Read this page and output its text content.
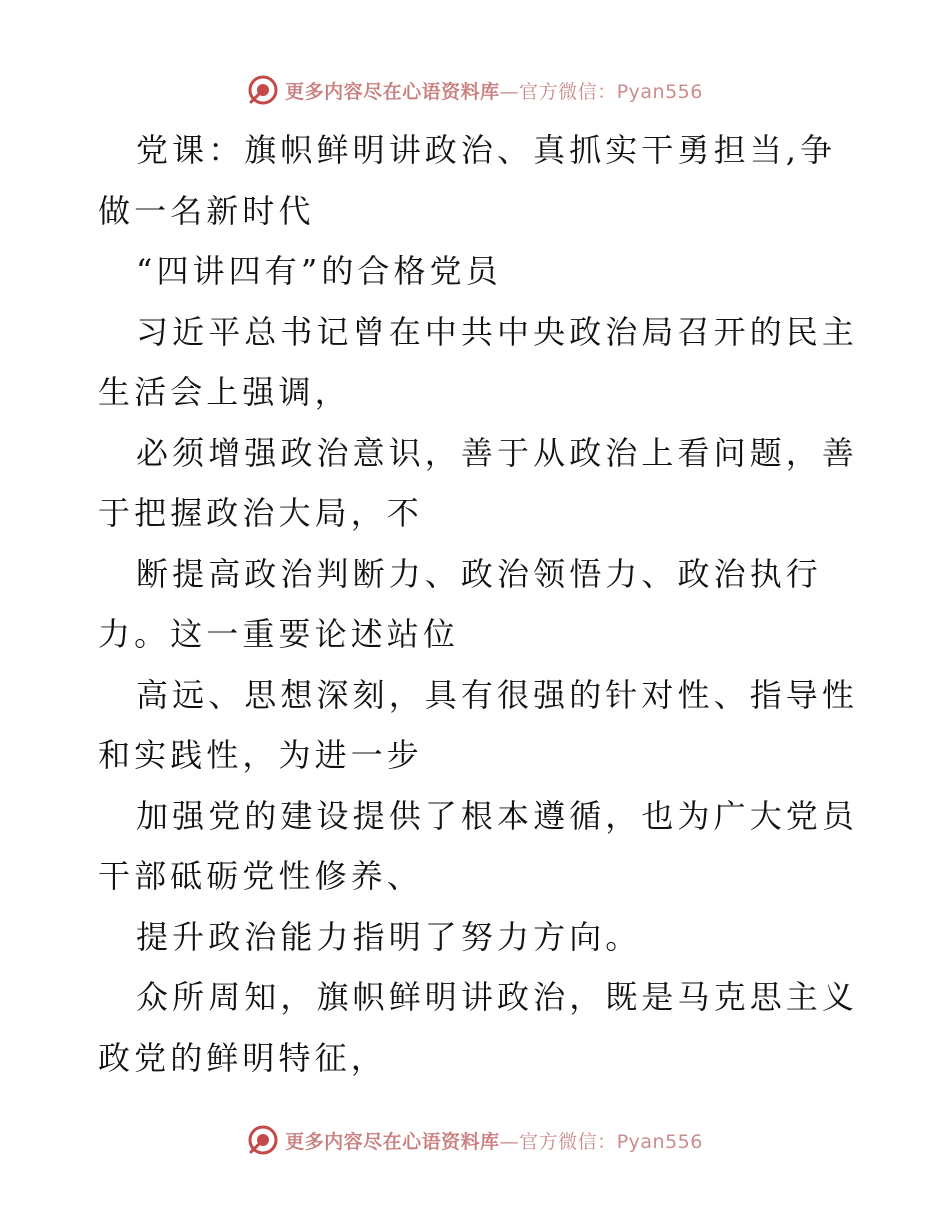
更多内容尽在心语资料库—官方微信：Pyan556

党课：旗帜鲜明讲政治、真抓实干勇担当,争做一名新时代

“四讲四有”的合格党员

习近平总书记曾在中共中央政治局召开的民主生活会上强调，

必须增强政治意识，善于从政治上看问题，善于把握政治大局，不

断提高政治判断力、政治领悟力、政治执行力。这一重要论述站位

高远、思想深刻，具有很强的针对性、指导性和实践性，为进一步

加强党的建设提供了根本遵循，也为广大党员干部砥砺党性修养、

提升政治能力指明了努力方向。

众所周知，旗帜鲜明讲政治，既是马克思主义政党的鲜明特征，

更多内容尽在心语资料库—官方微信：Pyan556
